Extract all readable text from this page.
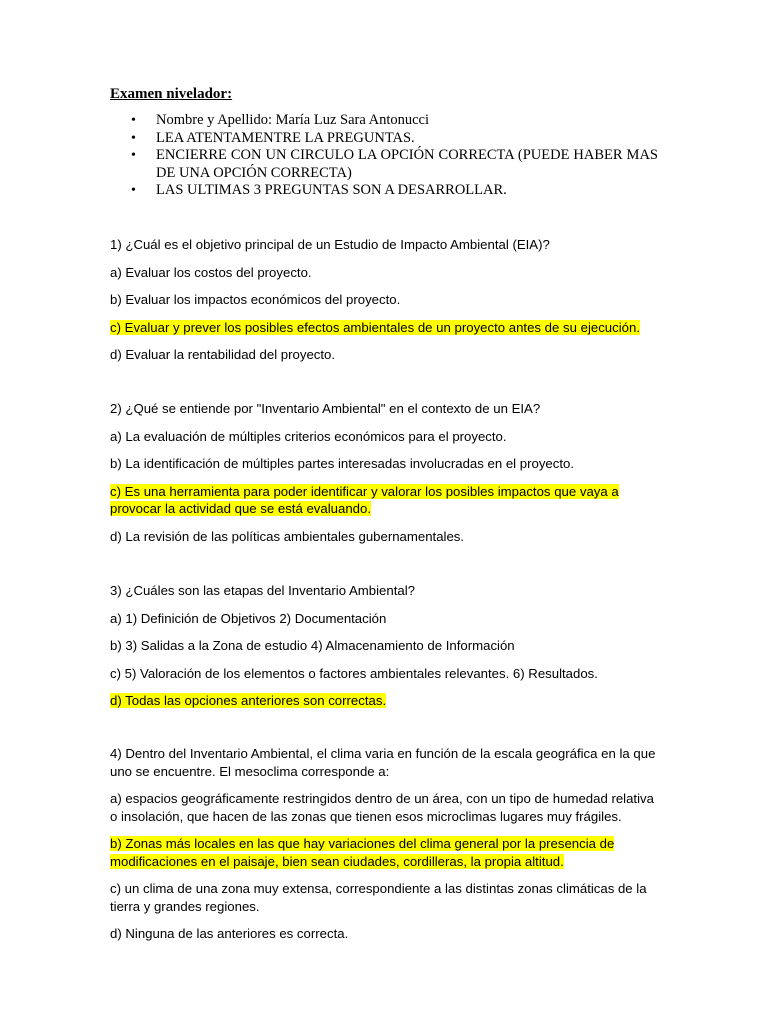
Examen nivelador:

• Nombre y Apellido: María Luz Sara Antonucci
• LEA ATENTAMENTRE LA PREGUNTAS.
• ENCIERRE CON UN CIRCULO LA OPCIÓN CORRECTA (PUEDE HABER MAS DE UNA OPCIÓN CORRECTA)
• LAS ULTIMAS 3 PREGUNTAS SON A DESARROLLAR.

1) ¿Cuál es el objetivo principal de un Estudio de Impacto Ambiental (EIA)?

a) Evaluar los costos del proyecto.

b) Evaluar los impactos económicos del proyecto.

c) Evaluar y prever los posibles efectos ambientales de un proyecto antes de su ejecución.

d) Evaluar la rentabilidad del proyecto.

2) ¿Qué se entiende por "Inventario Ambiental" en el contexto de un EIA?

a) La evaluación de múltiples criterios económicos para el proyecto.

b) La identificación de múltiples partes interesadas involucradas en el proyecto.

c) Es una herramienta para poder identificar y valorar los posibles impactos que vaya a provocar la actividad que se está evaluando.

d) La revisión de las políticas ambientales gubernamentales.

3) ¿Cuáles son las etapas del Inventario Ambiental?

a) 1) Definición de Objetivos 2) Documentación

b) 3) Salidas a la Zona de estudio 4) Almacenamiento de Información

c) 5) Valoración de los elementos o factores ambientales relevantes. 6) Resultados.

d) Todas las opciones anteriores son correctas.

4) Dentro del Inventario Ambiental, el clima varia en función de la escala geográfica en la que uno se encuentre. El mesoclima corresponde a:

a) espacios geográficamente restringidos dentro de un área, con un tipo de humedad relativa o insolación, que hacen de las zonas que tienen esos microclimas lugares muy frágiles.

b) Zonas más locales en las que hay variaciones del clima general por la presencia de modificaciones en el paisaje, bien sean ciudades, cordilleras, la propia altitud.

c) un clima de una zona muy extensa, correspondiente a las distintas zonas climáticas de la tierra y grandes regiones.

d) Ninguna de las anteriores es correcta.
